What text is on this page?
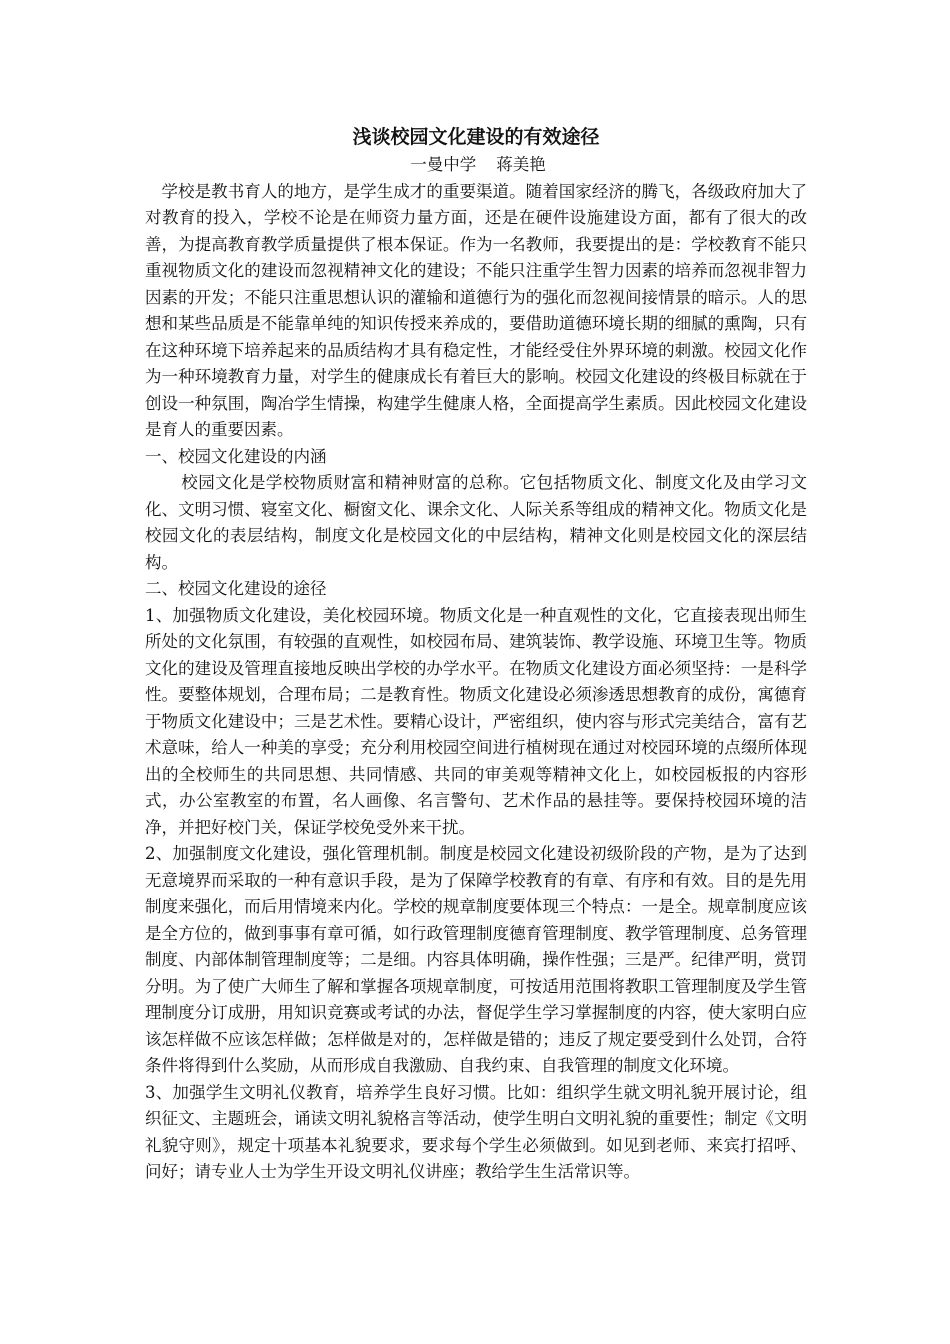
浅谈校园文化建设的有效途径

一曼中学 蒋美艳

学校是教书育人的地方，是学生成才的重要渠道。随着国家经济的腾飞，各级政府加大了对教育的投入，学校不论是在师资力量方面，还是在硬件设施建设方面，都有了很大的改善，为提高教育教学质量提供了根本保证。作为一名教师，我要提出的是：学校教育不能只重视物质文化的建设而忽视精神文化的建设；不能只注重学生智力因素的培养而忽视非智力因素的开发；不能只注重思想认识的灌输和道德行为的强化而忽视间接情景的暗示。人的思想和某些品质是不能靠单纯的知识传授来养成的，要借助道德环境长期的细腻的熏陶，只有在这种环境下培养起来的品质结构才具有稳定性，才能经受住外界环境的刺激。校园文化作为一种环境教育力量，对学生的健康成长有着巨大的影响。校园文化建设的终极目标就在于创设一种氛围，陶冶学生情操，构建学生健康人格，全面提高学生素质。因此校园文化建设是育人的重要因素。

一、校园文化建设的内涵

校园文化是学校物质财富和精神财富的总称。它包括物质文化、制度文化及由学习文化、文明习惯、寝室文化、橱窗文化、课余文化、人际关系等组成的精神文化。物质文化是校园文化的表层结构，制度文化是校园文化的中层结构，精神文化则是校园文化的深层结构。

二、校园文化建设的途径

1、加强物质文化建设，美化校园环境。物质文化是一种直观性的文化，它直接表现出师生所处的文化氛围，有较强的直观性，如校园布局、建筑装饰、教学设施、环境卫生等。物质文化的建设及管理直接地反映出学校的办学水平。在物质文化建设方面必须坚持：一是科学性。要整体规划，合理布局；二是教育性。物质文化建设必须渗透思想教育的成份，寓德育于物质文化建设中；三是艺术性。要精心设计，严密组织，使内容与形式完美结合，富有艺术意味，给人一种美的享受；充分利用校园空间进行植树现在通过对校园环境的点缀所体现出的全校师生的共同思想、共同情感、共同的审美观等精神文化上，如校园板报的内容形式，办公室教室的布置，名人画像、名言警句、艺术作品的悬挂等。要保持校园环境的洁净，并把好校门关，保证学校免受外来干扰。

2、加强制度文化建设，强化管理机制。制度是校园文化建设初级阶段的产物，是为了达到无意境界而采取的一种有意识手段，是为了保障学校教育的有章、有序和有效。目的是先用制度来强化，而后用情境来内化。学校的规章制度要体现三个特点：一是全。规章制度应该是全方位的，做到事事有章可循，如行政管理制度德育管理制度、教学管理制度、总务管理制度、内部体制管理制度等；二是细。内容具体明确，操作性强；三是严。纪律严明，赏罚分明。为了使广大师生了解和掌握各项规章制度，可按适用范围将教职工管理制度及学生管理制度分订成册，用知识竞赛或考试的办法，督促学生学习掌握制度的内容，使大家明白应该怎样做不应该怎样做；怎样做是对的，怎样做是错的；违反了规定要受到什么处罚，合符条件将得到什么奖励，从而形成自我激励、自我约束、自我管理的制度文化环境。

3、加强学生文明礼仪教育，培养学生良好习惯。比如：组织学生就文明礼貌开展讨论，组织征文、主题班会，诵读文明礼貌格言等活动，使学生明白文明礼貌的重要性；制定《文明礼貌守则》，规定十项基本礼貌要求，要求每个学生必须做到。如见到老师、来宾打招呼、问好；请专业人士为学生开设文明礼仪讲座；教给学生生活常识等。
